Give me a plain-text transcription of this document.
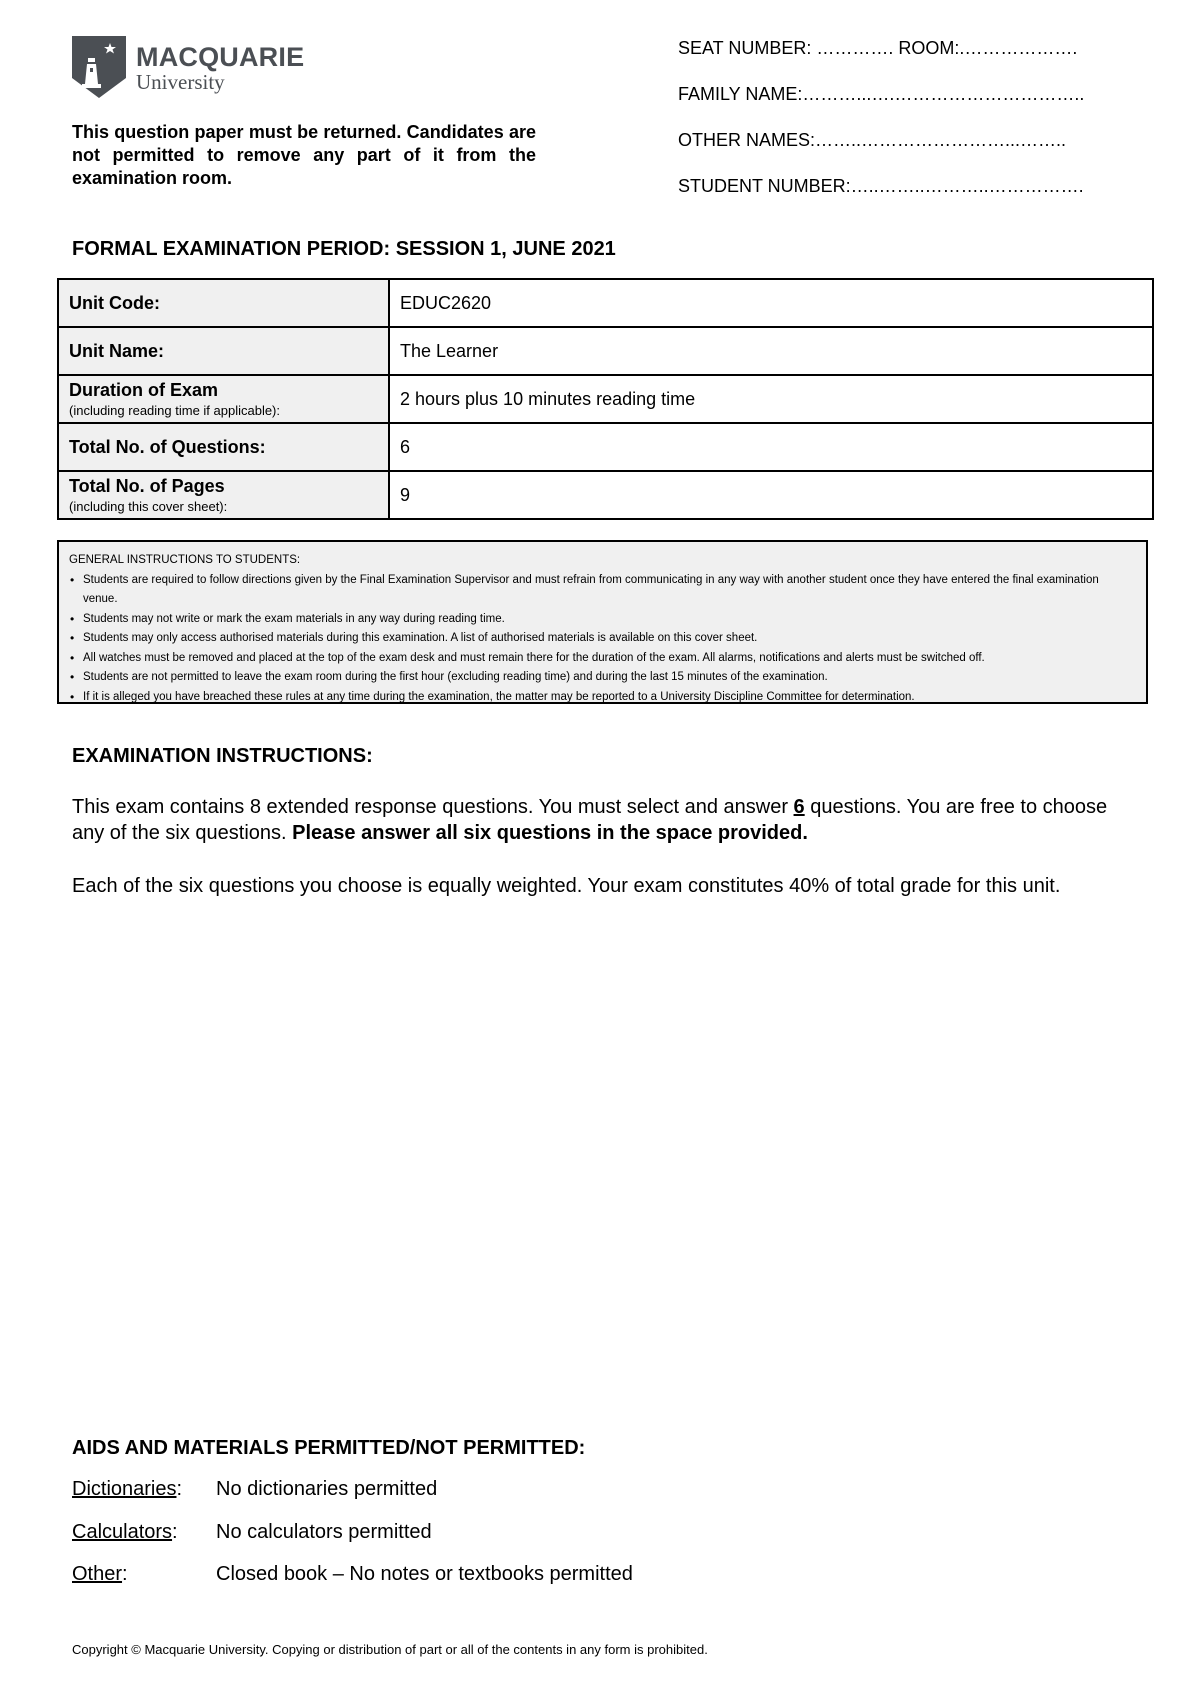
MACQUARIE
University
This question paper must be returned. Candidates are not permitted to remove any part of it from the examination room.
SEAT NUMBER: …………. ROOM:.……………….
FAMILY NAME:………...….…………………………..
OTHER NAMES:……..……………………...……..
STUDENT NUMBER:…..……..………..…………….
FORMAL EXAMINATION PERIOD: SESSION 1, JUNE 2021
Unit Code:	EDUC2620
Unit Name:	The Learner
Duration of Exam
(including reading time if applicable):	2 hours plus 10 minutes reading time
Total No. of Questions:	6
Total No. of Pages
(including this cover sheet):	9
GENERAL INSTRUCTIONS TO STUDENTS:
• Students are required to follow directions given by the Final Examination Supervisor and must refrain from communicating in any way with another student once they have entered the final examination venue.
• Students may not write or mark the exam materials in any way during reading time.
• Students may only access authorised materials during this examination. A list of authorised materials is available on this cover sheet.
• All watches must be removed and placed at the top of the exam desk and must remain there for the duration of the exam. All alarms, notifications and alerts must be switched off.
• Students are not permitted to leave the exam room during the first hour (excluding reading time) and during the last 15 minutes of the examination.
• If it is alleged you have breached these rules at any time during the examination, the matter may be reported to a University Discipline Committee for determination.
EXAMINATION INSTRUCTIONS:
This exam contains 8 extended response questions. You must select and answer 6 questions. You are free to choose any of the six questions. Please answer all six questions in the space provided.
Each of the six questions you choose is equally weighted. Your exam constitutes 40% of total grade for this unit.
AIDS AND MATERIALS PERMITTED/NOT PERMITTED:
Dictionaries:	No dictionaries permitted
Calculators:	No calculators permitted
Other:	Closed book – No notes or textbooks permitted
Copyright © Macquarie University. Copying or distribution of part or all of the contents in any form is prohibited.
